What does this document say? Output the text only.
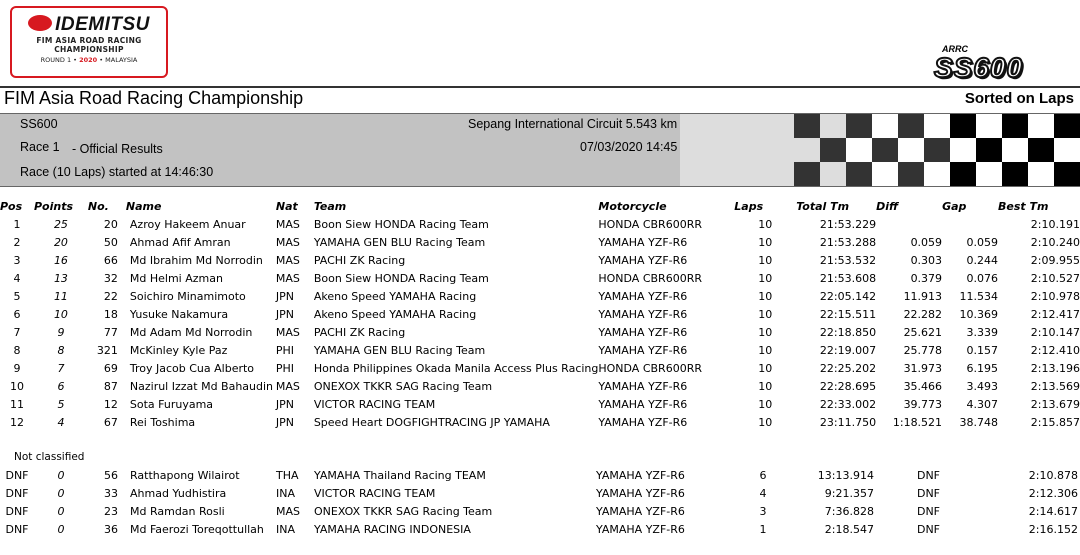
IDEMITSU
FIM ASIA ROAD RACING
CHAMPIONSHIP
ROUND 1 • 2020 • MALAYSIA
ARRC
SS600
FIM Asia Road Racing Championship	Sorted on Laps
SS600
Race 1 - Official Results
Race (10 Laps) started at 14:46:30
Sepang International Circuit 5.543 km
07/03/2020 14:45
Pos	Points	No.	Name	Nat	Team	Motorcycle	Laps	Total Tm	Diff	Gap	Best Tm
1	25	20	Azroy Hakeem Anuar	MAS	Boon Siew HONDA Racing Team	HONDA CBR600RR	10	21:53.229			2:10.191
2	20	50	Ahmad Afif Amran	MAS	YAMAHA GEN BLU Racing Team	YAMAHA YZF-R6	10	21:53.288	0.059	0.059	2:10.240
3	16	66	Md Ibrahim Md Norrodin	MAS	PACHI ZK Racing	YAMAHA YZF-R6	10	21:53.532	0.303	0.244	2:09.955
4	13	32	Md Helmi Azman	MAS	Boon Siew HONDA Racing Team	HONDA CBR600RR	10	21:53.608	0.379	0.076	2:10.527
5	11	22	Soichiro Minamimoto	JPN	Akeno Speed YAMAHA Racing	YAMAHA YZF-R6	10	22:05.142	11.913	11.534	2:10.978
6	10	18	Yusuke Nakamura	JPN	Akeno Speed YAMAHA Racing	YAMAHA YZF-R6	10	22:15.511	22.282	10.369	2:12.417
7	9	77	Md Adam Md Norrodin	MAS	PACHI ZK Racing	YAMAHA YZF-R6	10	22:18.850	25.621	3.339	2:10.147
8	8	321	McKinley Kyle Paz	PHI	YAMAHA GEN BLU Racing Team	YAMAHA YZF-R6	10	22:19.007	25.778	0.157	2:12.410
9	7	69	Troy Jacob Cua Alberto	PHI	Honda Philippines Okada Manila Access Plus Racing	HONDA CBR600RR	10	22:25.202	31.973	6.195	2:13.196
10	6	87	Nazirul Izzat Md Bahaudin	MAS	ONEXOX TKKR SAG Racing Team	YAMAHA YZF-R6	10	22:28.695	35.466	3.493	2:13.569
11	5	12	Sota Furuyama	JPN	VICTOR RACING TEAM	YAMAHA YZF-R6	10	22:33.002	39.773	4.307	2:13.679
12	4	67	Rei Toshima	JPN	Speed Heart DOGFIGHTRACING JP YAMAHA	YAMAHA YZF-R6	10	23:11.750	1:18.521	38.748	2:15.857
Not classified
DNF	0	56	Ratthapong Wilairot	THA	YAMAHA Thailand Racing TEAM	YAMAHA YZF-R6	6	13:13.914	DNF		2:10.878
DNF	0	33	Ahmad Yudhistira	INA	VICTOR RACING TEAM	YAMAHA YZF-R6	4	9:21.357	DNF		2:12.306
DNF	0	23	Md Ramdan Rosli	MAS	ONEXOX TKKR SAG Racing Team	YAMAHA YZF-R6	3	7:36.828	DNF		2:14.617
DNF	0	36	Md Faerozi Toreqottullah	INA	YAMAHA RACING INDONESIA	YAMAHA YZF-R6	1	2:18.547	DNF		2:16.152
